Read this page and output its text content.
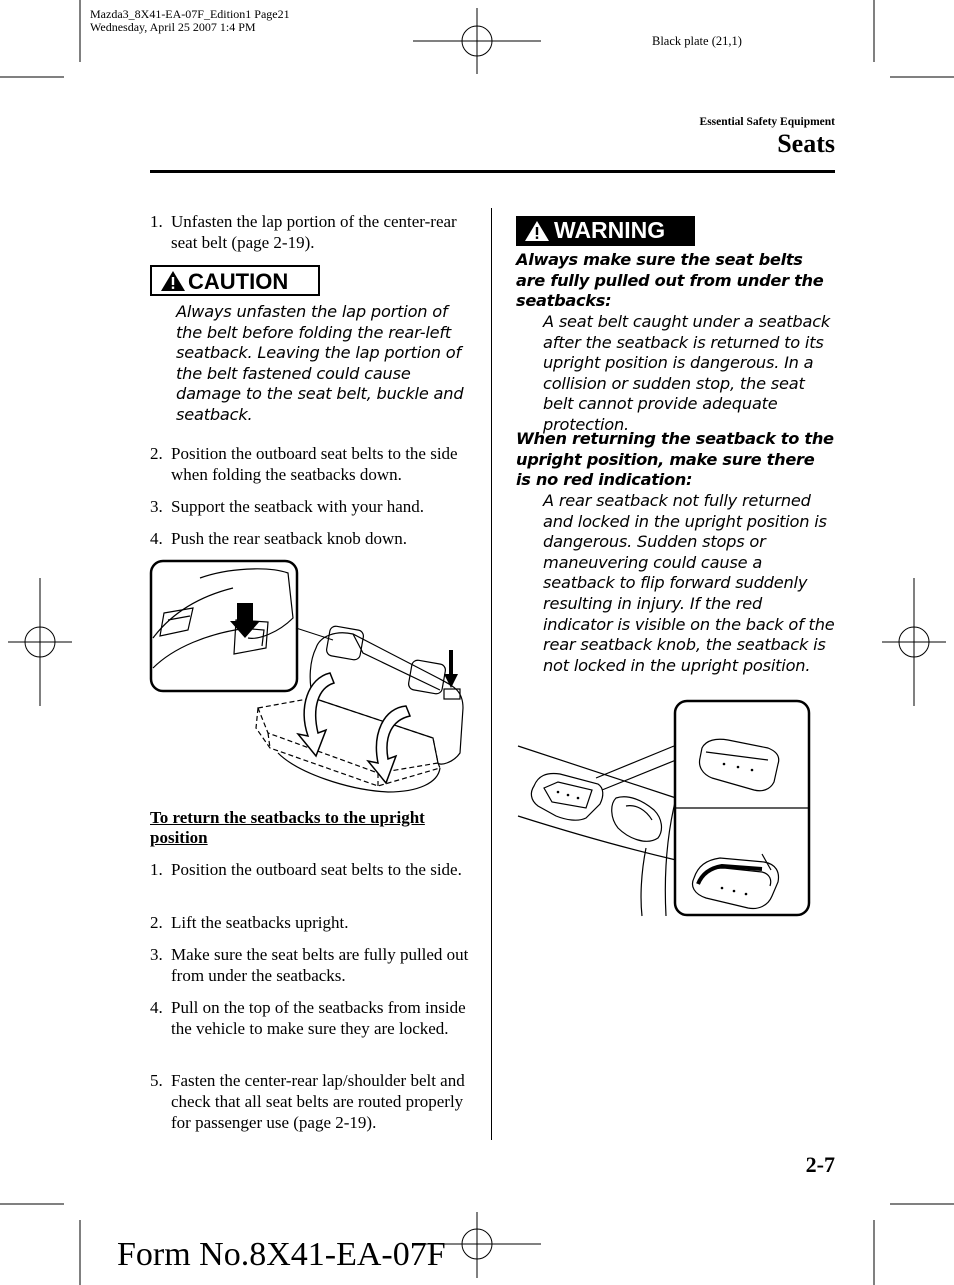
Mazda3_8X41-EA-07F_Edition1 Page21
Wednesday, April 25 2007 1:4 PM
Black plate (21,1)
Essential Safety Equipment
Seats
1. Unfasten the lap portion of the center-rear seat belt (page 2-19).
CAUTION
Always unfasten the lap portion of the belt before folding the rear-left seatback. Leaving the lap portion of the belt fastened could cause damage to the seat belt, buckle and seatback.
2. Position the outboard seat belts to the side when folding the seatbacks down.
3. Support the seatback with your hand.
4. Push the rear seatback knob down.
To return the seatbacks to the upright position
1. Position the outboard seat belts to the side.
2. Lift the seatbacks upright.
3. Make sure the seat belts are fully pulled out from under the seatbacks.
4. Pull on the top of the seatbacks from inside the vehicle to make sure they are locked.
5. Fasten the center-rear lap/shoulder belt and check that all seat belts are routed properly for passenger use (page 2-19).
WARNING
Always make sure the seat belts are fully pulled out from under the seatbacks:
A seat belt caught under a seatback after the seatback is returned to its upright position is dangerous. In a collision or sudden stop, the seat belt cannot provide adequate protection.
When returning the seatback to the upright position, make sure there is no red indication:
A rear seatback not fully returned and locked in the upright position is dangerous. Sudden stops or maneuvering could cause a seatback to flip forward suddenly resulting in injury. If the red indicator is visible on the back of the rear seatback knob, the seatback is not locked in the upright position.
2-7
Form No.8X41-EA-07F
